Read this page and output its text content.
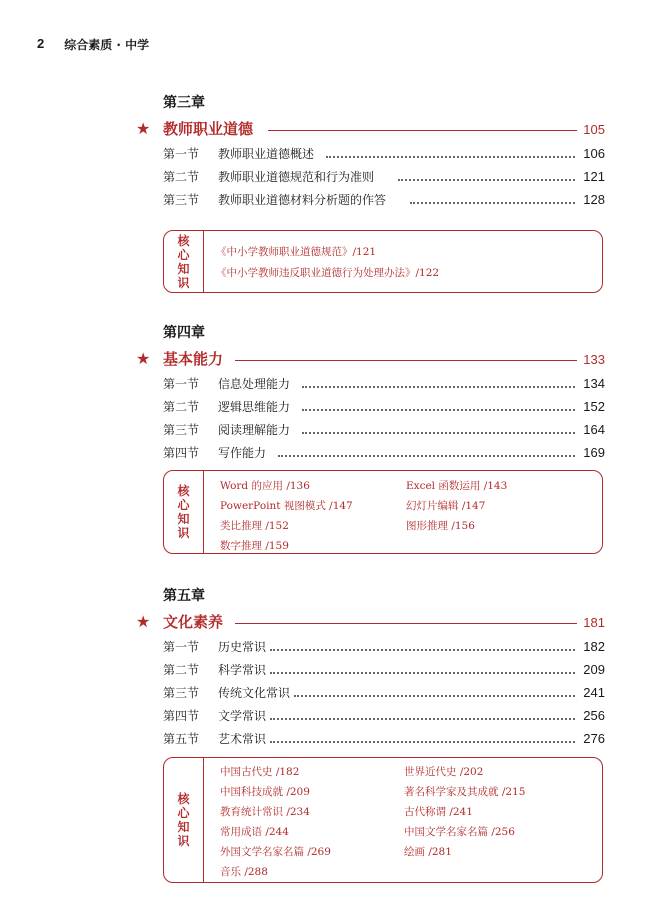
2 综合素质 · 中学
第三章
★ 教师职业道德	105
第一节 教师职业道德概述	106
第二节 教师职业道德规范和行为准则	121
第三节 教师职业道德材料分析题的作答	128
核
心
知
识
《中小学教师职业道德规范》/121
《中小学教师违反职业道德行为处理办法》/122
第四章
★ 基本能力	133
第一节 信息处理能力	134
第二节 逻辑思维能力	152
第三节 阅读理解能力	164
第四节 写作能力	169
核
心
知
识
Word 的应用 /136	Excel 函数运用 /143
PowerPoint 视图模式 /147	幻灯片编辑 /147
类比推理 /152	图形推理 /156
数字推理 /159
第五章
★ 文化素养	181
第一节 历史常识	182
第二节 科学常识	209
第三节 传统文化常识	241
第四节 文学常识	256
第五节 艺术常识	276
核
心
知
识
中国古代史 /182	世界近代史 /202
中国科技成就 /209	著名科学家及其成就 /215
教育统计常识 /234	古代称谓 /241
常用成语 /244	中国文学名家名篇 /256
外国文学名家名篇 /269	绘画 /281
音乐 /288
